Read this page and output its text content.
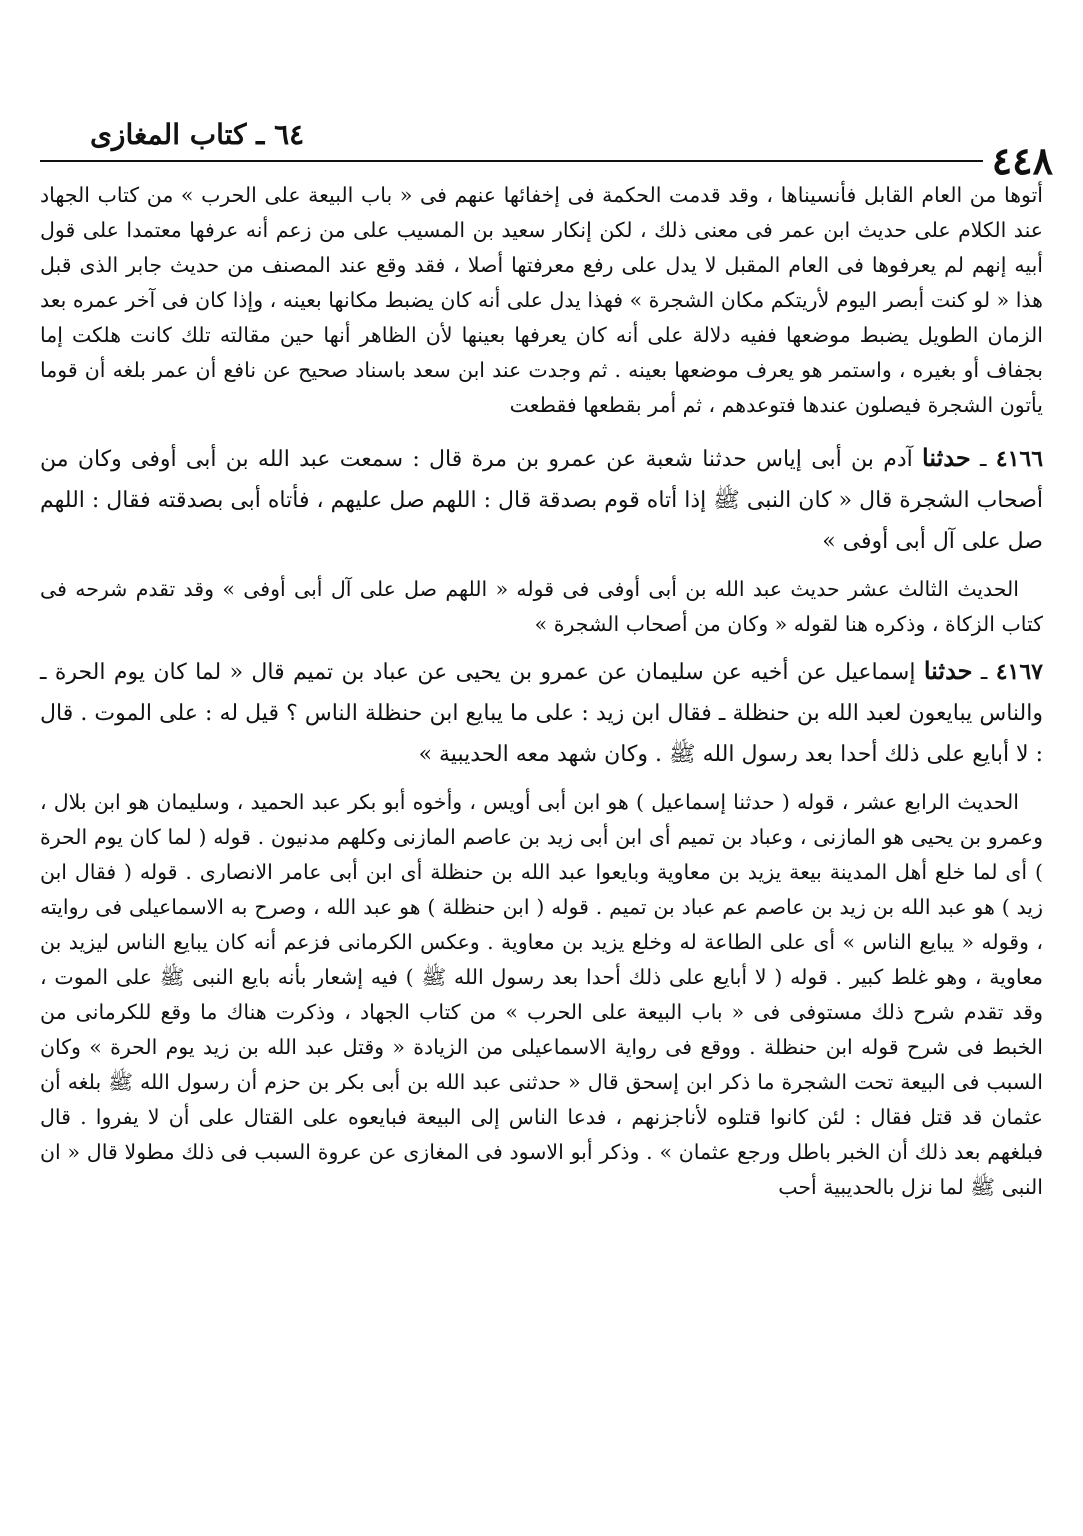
٦٤ ـ كتاب المغازى
٤٤٨

أتوها من العام القابل فأنسيناها ، وقد قدمت الحكمة فى إخفائها عنهم فى « باب البيعة على الحرب » من كتاب الجهاد عند الكلام على حديث ابن عمر فى معنى ذلك ، لكن إنكار سعيد بن المسيب على من زعم أنه عرفها معتمدا على قول أبيه إنهم لم يعرفوها فى العام المقبل لا يدل على رفع معرفتها أصلا ، فقد وقع عند المصنف من حديث جابر الذى قبل هذا « لو كنت أبصر اليوم لأريتكم مكان الشجرة » فهذا يدل على أنه كان يضبط مكانها بعينه ، وإذا كان فى آخر عمره بعد الزمان الطويل يضبط موضعها ففيه دلالة على أنه كان يعرفها بعينها لأن الظاهر أنها حين مقالته تلك كانت هلكت إما بجفاف أو بغيره ، واستمر هو يعرف موضعها بعينه . ثم وجدت عند ابن سعد باسناد صحيح عن نافع أن عمر بلغه أن قوما يأتون الشجرة فيصلون عندها فتوعدهم ، ثم أمر بقطعها فقطعت

٤١٦٦ ـ حدثنا آدم بن أبى إياس حدثنا شعبة عن عمرو بن مرة قال : سمعت عبد الله بن أبى أوفى وكان من أصحاب الشجرة قال « كان النبى ﷺ إذا أتاه قوم بصدقة قال : اللهم صل عليهم ، فأتاه أبى بصدقته فقال : اللهم صل على آل أبى أوفى »

الحديث الثالث عشر حديث عبد الله بن أبى أوفى فى قوله « اللهم صل على آل أبى أوفى » وقد تقدم شرحه فى كتاب الزكاة ، وذكره هنا لقوله « وكان من أصحاب الشجرة »

٤١٦٧ ـ حدثنا إسماعيل عن أخيه عن سليمان عن عمرو بن يحيى عن عباد بن تميم قال « لما كان يوم الحرة ـ والناس يبايعون لعبد الله بن حنظلة ـ فقال ابن زيد : على ما يبايع ابن حنظلة الناس ؟ قيل له : على الموت . قال : لا أبايع على ذلك أحدا بعد رسول الله ﷺ . وكان شهد معه الحديبية »

الحديث الرابع عشر ، قوله ( حدثنا إسماعيل ) هو ابن أبى أويس ، وأخوه أبو بكر عبد الحميد ، وسليمان هو ابن بلال ، وعمرو بن يحيى هو المازنى ، وعباد بن تميم أى ابن أبى زيد بن عاصم المازنى وكلهم مدنيون . قوله ( لما كان يوم الحرة ) أى لما خلع أهل المدينة بيعة يزيد بن معاوية وبايعوا عبد الله بن حنظلة أى ابن أبى عامر الانصارى . قوله ( فقال ابن زيد ) هو عبد الله بن زيد بن عاصم عم عباد بن تميم . قوله ( ابن حنظلة ) هو عبد الله ، وصرح به الاسماعيلى فى روايته ، وقوله « يبايع الناس » أى على الطاعة له وخلع يزيد بن معاوية . وعكس الكرمانى فزعم أنه كان يبايع الناس ليزيد بن معاوية ، وهو غلط كبير . قوله ( لا أبايع على ذلك أحدا بعد رسول الله ﷺ ) فيه إشعار بأنه بايع النبى ﷺ على الموت ، وقد تقدم شرح ذلك مستوفى فى « باب البيعة على الحرب » من كتاب الجهاد ، وذكرت هناك ما وقع للكرمانى من الخبط فى شرح قوله ابن حنظلة . ووقع فى رواية الاسماعيلى من الزيادة « وقتل عبد الله بن زيد يوم الحرة » وكان السبب فى البيعة تحت الشجرة ما ذكر ابن إسحق قال « حدثنى عبد الله بن أبى بكر بن حزم أن رسول الله ﷺ بلغه أن عثمان قد قتل فقال : لئن كانوا قتلوه لأناجزنهم ، فدعا الناس إلى البيعة فبايعوه على القتال على أن لا يفروا . قال فبلغهم بعد ذلك أن الخبر باطل ورجع عثمان » . وذكر أبو الاسود فى المغازى عن عروة السبب فى ذلك مطولا قال « ان النبى ﷺ لما نزل بالحديبية أحب
